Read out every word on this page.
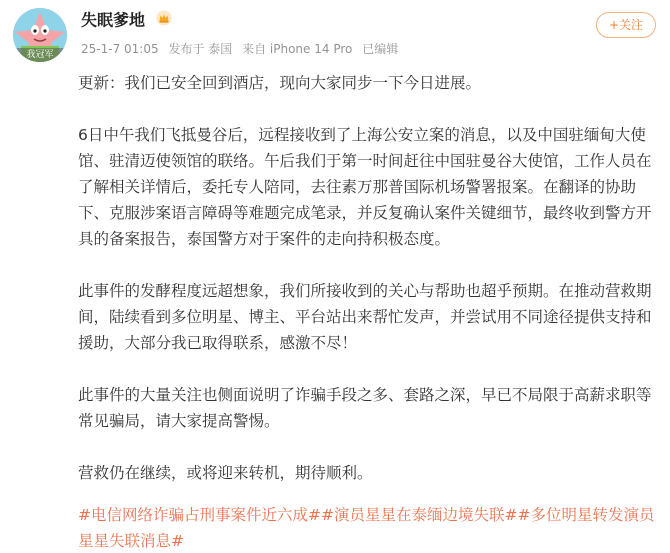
我冠军
失眠爹地
25-1-7 01:05 发布于 泰国 来自 iPhone 14 Pro 已编辑
+关注

更新：我们已安全回到酒店，现向大家同步一下今日进展。

6日中午我们飞抵曼谷后，远程接收到了上海公安立案的消息，以及中国驻缅甸大使馆、驻清迈使领馆的联络。午后我们于第一时间赶往中国驻曼谷大使馆，工作人员在了解相关详情后，委托专人陪同，去往素万那普国际机场警署报案。在翻译的协助下、克服涉案语言障碍等难题完成笔录，并反复确认案件关键细节，最终收到警方开具的备案报告，泰国警方对于案件的走向持积极态度。

此事件的发酵程度远超想象，我们所接收到的关心与帮助也超乎预期。在推动营救期间，陆续看到多位明星、博主、平台站出来帮忙发声，并尝试用不同途径提供支持和援助，大部分我已取得联系，感激不尽！

此事件的大量关注也侧面说明了诈骗手段之多、套路之深，早已不局限于高薪求职等常见骗局，请大家提高警惕。

营救仍在继续，或将迎来转机，期待顺利。

#电信网络诈骗占刑事案件近六成##演员星星在泰缅边境失联##多位明星转发演员星星失联消息#
